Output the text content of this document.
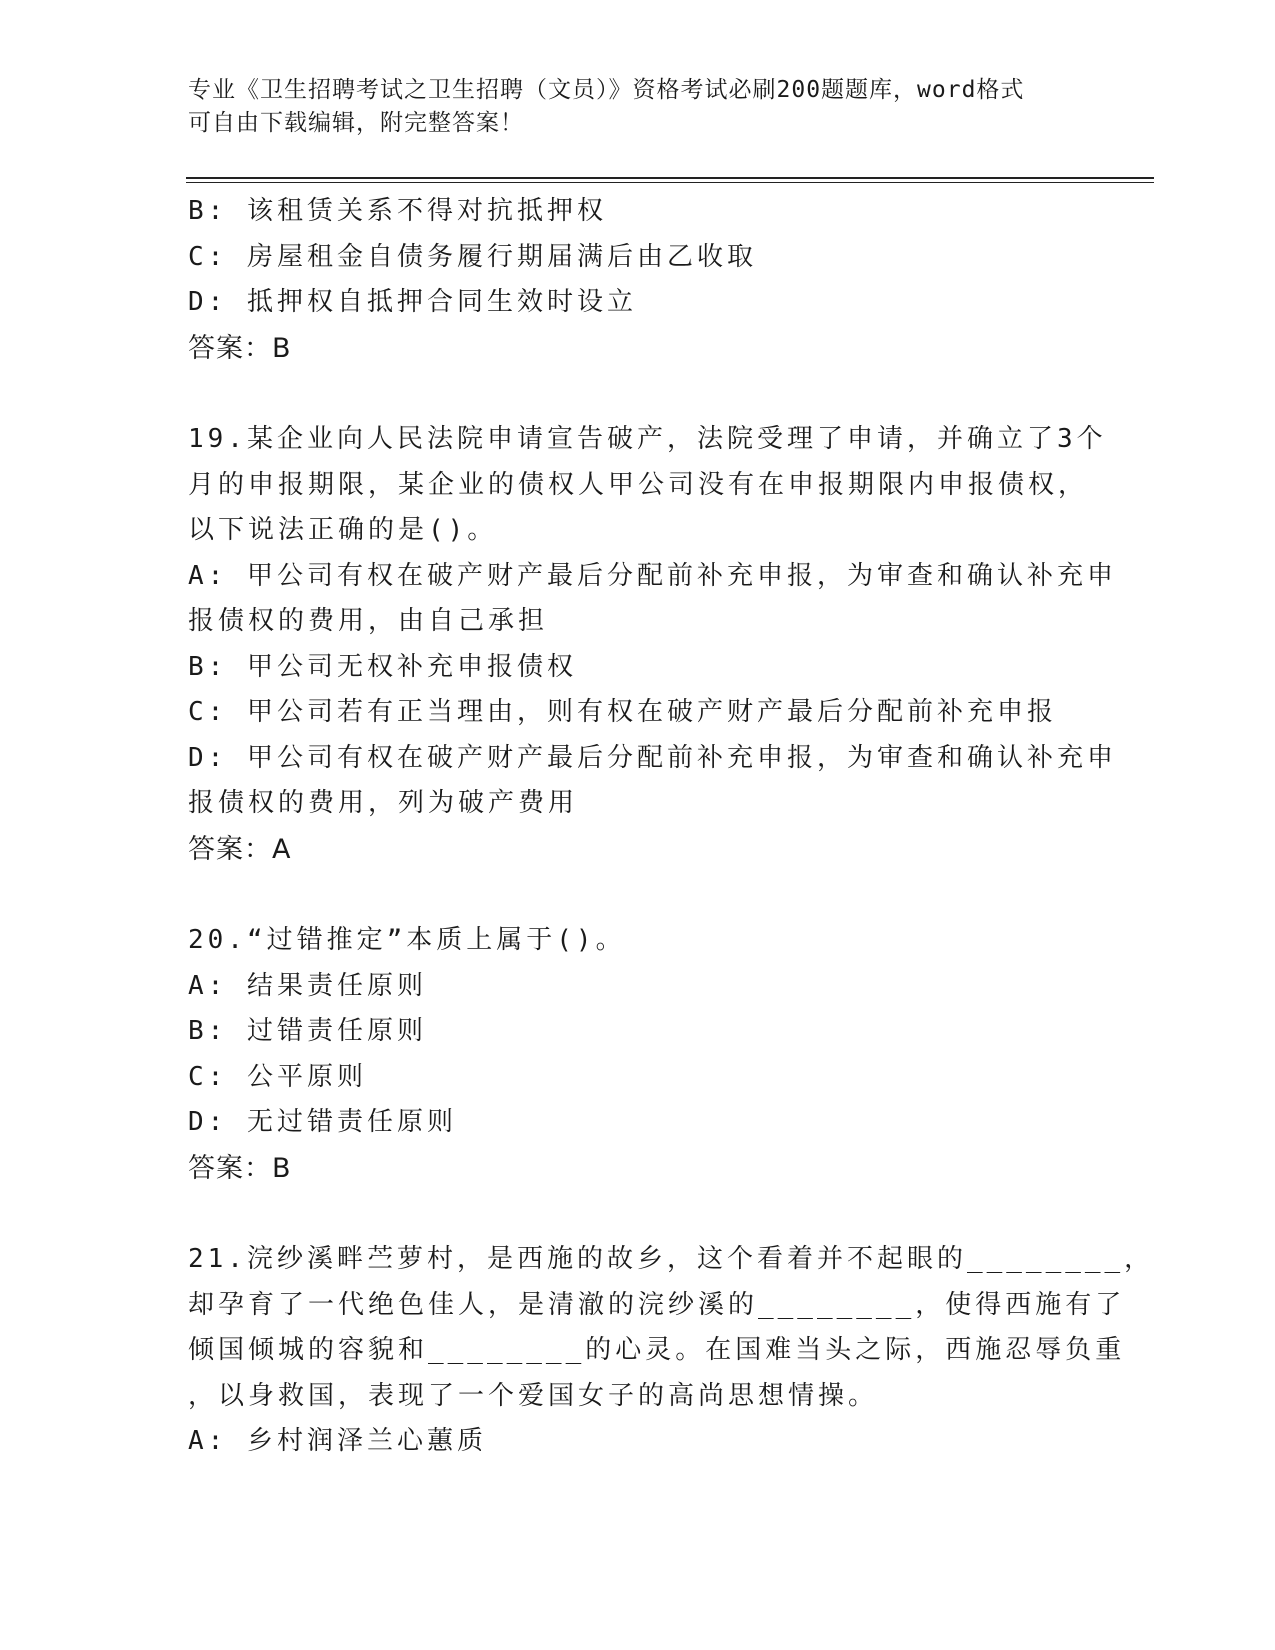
专业《卫生招聘考试之卫生招聘（文员）》资格考试必刷200题题库，word格式
可自由下载编辑，附完整答案！
B: 该租赁关系不得对抗抵押权
C: 房屋租金自债务履行期届满后由乙收取
D: 抵押权自抵押合同生效时设立
答案：B
19.某企业向人民法院申请宣告破产，法院受理了申请，并确立了3个
月的申报期限，某企业的债权人甲公司没有在申报期限内申报债权，
以下说法正确的是()。
A: 甲公司有权在破产财产最后分配前补充申报，为审查和确认补充申
报债权的费用，由自己承担
B: 甲公司无权补充申报债权
C: 甲公司若有正当理由，则有权在破产财产最后分配前补充申报
D: 甲公司有权在破产财产最后分配前补充申报，为审查和确认补充申
报债权的费用，列为破产费用
答案：A
20.“过错推定”本质上属于()。
A: 结果责任原则
B: 过错责任原则
C: 公平原则
D: 无过错责任原则
答案：B
21.浣纱溪畔苎萝村，是西施的故乡，这个看着并不起眼的________，
却孕育了一代绝色佳人，是清澈的浣纱溪的________，使得西施有了
倾国倾城的容貌和________的心灵。在国难当头之际，西施忍辱负重
，以身救国，表现了一个爱国女子的高尚思想情操。
A: 乡村润泽兰心蕙质
